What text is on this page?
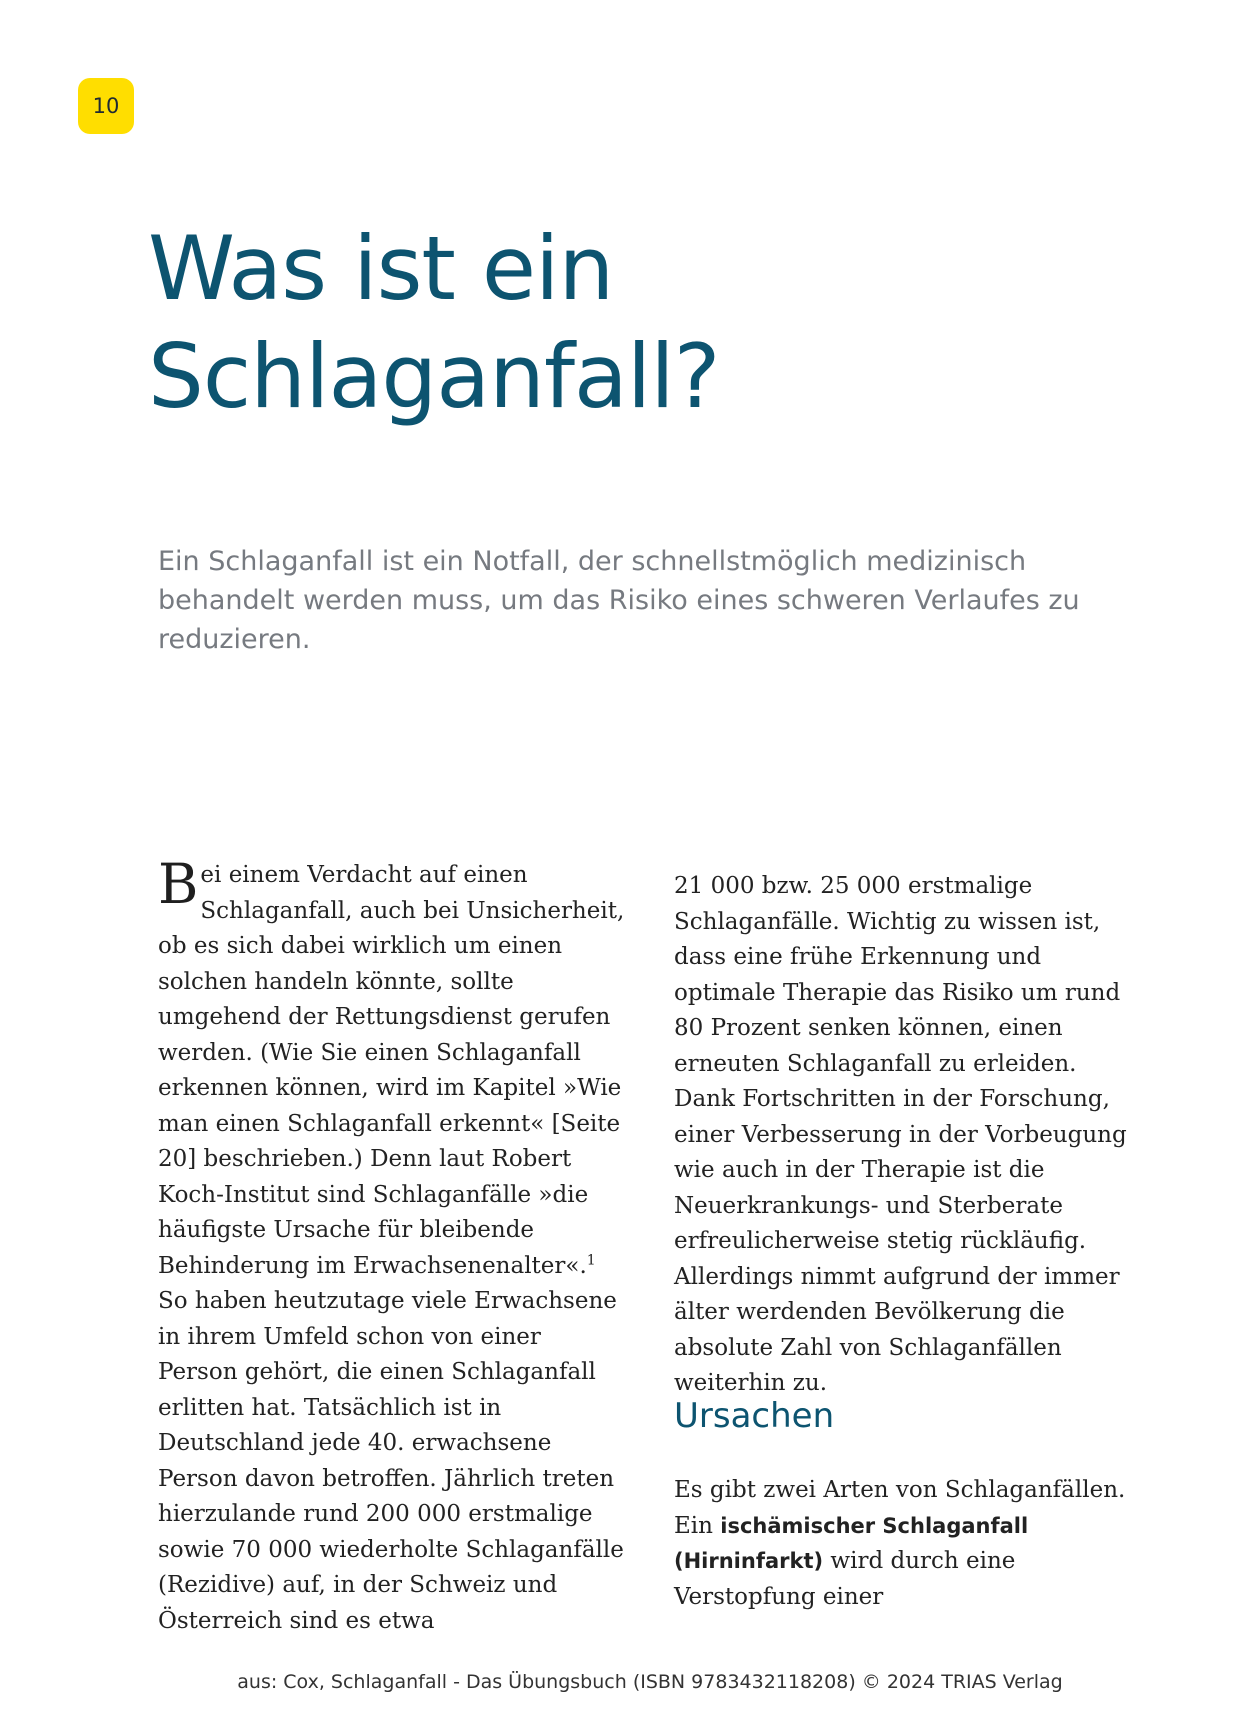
10
Was ist ein
Schlaganfall?

Ein Schlaganfall ist ein Notfall, der schnellstmöglich medizinisch behandelt werden muss, um das Risiko eines schweren Verlaufes zu reduzieren.

Bei einem Verdacht auf einen Schlaganfall, auch bei Unsicherheit, ob es sich dabei wirklich um einen solchen handeln könnte, sollte umgehend der Rettungsdienst gerufen werden. (Wie Sie einen Schlaganfall erkennen können, wird im Kapitel »Wie man einen Schlaganfall erkennt« [Seite 20] beschrieben.) Denn laut Robert Koch-Institut sind Schlaganfälle »die häufigste Ursache für bleibende Behinderung im Erwachsenenalter«.$^1$
So haben heutzutage viele Erwachsene in ihrem Umfeld schon von einer Person gehört, die einen Schlaganfall erlitten hat. Tatsächlich ist in Deutschland jede 40. erwachsene Person davon betroffen. Jährlich treten hierzulande rund 200 000 erstmalige sowie 70 000 wiederholte Schlaganfälle (Rezidive) auf, in der Schweiz und Österreich sind es etwa

21 000 bzw. 25 000 erstmalige Schlaganfälle. Wichtig zu wissen ist, dass eine frühe Erkennung und optimale Therapie das Risiko um rund 80 Prozent senken können, einen erneuten Schlaganfall zu erleiden. Dank Fortschritten in der Forschung, einer Verbesserung in der Vorbeugung wie auch in der Therapie ist die Neuerkrankungs- und Sterberate erfreulicherweise stetig rückläufig. Allerdings nimmt aufgrund der immer älter werdenden Bevölkerung die absolute Zahl von Schlaganfällen weiterhin zu.

Ursachen

Es gibt zwei Arten von Schlaganfällen. Ein ischämischer Schlaganfall (Hirninfarkt) wird durch eine Verstopfung einer

aus: Cox, Schlaganfall - Das Übungsbuch (ISBN 9783432118208) © 2024 TRIAS Verlag
